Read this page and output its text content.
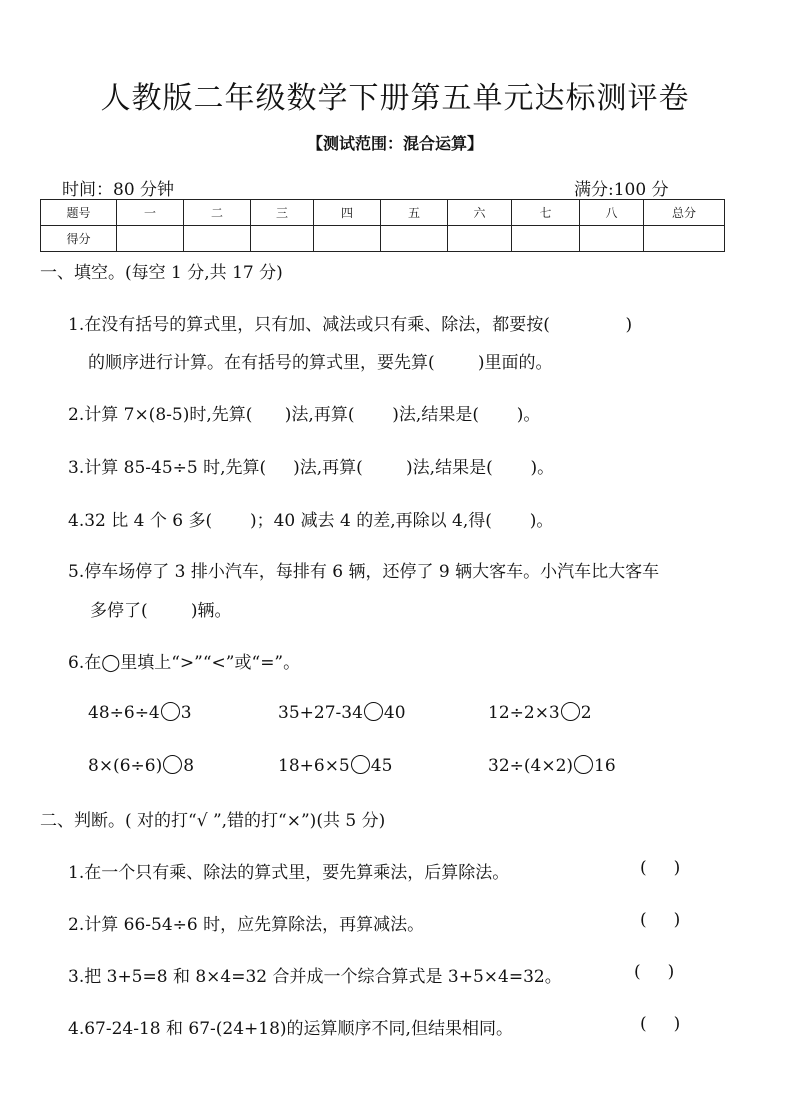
人教版二年级数学下册第五单元达标测评卷
【测试范围：混合运算】
时间：80 分钟	满分:100 分
题号	一	二	三	四	五	六	七	八	总分
得分									
一、填空。(每空 1 分,共 17 分)
1.在没有括号的算式里，只有加、减法或只有乘、除法，都要按(              )
的顺序进行计算。在有括号的算式里，要先算(        )里面的。
2.计算 7×(8-5)时,先算(      )法,再算(       )法,结果是(       )。
3.计算 85-45÷5 时,先算(     )法,再算(        )法,结果是(       )。
4.32 比 4 个 6 多(       )；40 减去 4 的差,再除以 4,得(       )。
5.停车场停了 3 排小汽车，每排有 6 辆，还停了 9 辆大客车。小汽车比大客车
多停了(        )辆。
6.在◯里填上“>”“<”或“=”。
48÷6÷4 3	35+27-34 40	12÷2×3 2
8×(6÷6) 8	18+6×5 45	32÷(4×2) 16
二、判断。( 对的打“√ ”,错的打“×”)(共 5 分)
1.在一个只有乘、除法的算式里，要先算乘法，后算除法。	(     )
2.计算 66-54÷6 时，应先算除法，再算减法。	(     )
3.把 3+5=8 和 8×4=32 合并成一个综合算式是 3+5×4=32。	(     )
4.67-24-18 和 67-(24+18)的运算顺序不同,但结果相同。	(     )
